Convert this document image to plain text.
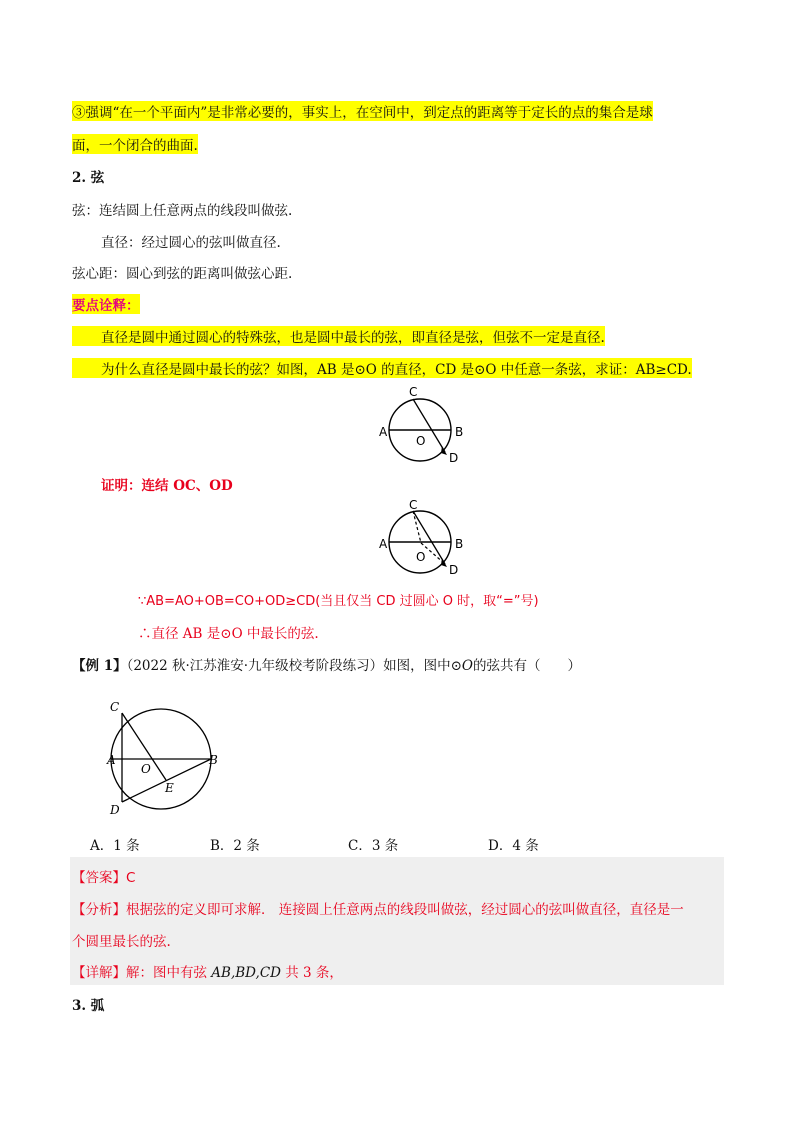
③强调“在一个平面内”是非常必要的，事实上，在空间中，到定点的距离等于定长的点的集合是球
面，一个闭合的曲面.
2. 弦
弦：连结圆上任意两点的线段叫做弦.
直径：经过圆心的弦叫做直径.
弦心距：圆心到弦的距离叫做弦心距.
要点诠释：
直径是圆中通过圆心的特殊弦，也是圆中最长的弦，即直径是弦，但弦不一定是直径.
为什么直径是圆中最长的弦？如图，AB 是⊙O 的直径，CD 是⊙O 中任意一条弦，求证：AB≥CD.
C
A
O
B
D
证明：连结 OC、OD
C
A
O
B
D
∵AB=AO+OB=CO+OD≥CD(当且仅当 CD 过圆心 O 时，取“=”号)
∴直径 AB 是⊙O 中最长的弦.
【例 1】（2022 秋·江苏淮安·九年级校考阶段练习）如图，图中⊙O的弦共有（　　）
C
A
O
E
B
D
A．1 条	B．2 条	C．3 条	D．4 条
【答案】C
【分析】根据弦的定义即可求解． 连接圆上任意两点的线段叫做弦，经过圆心的弦叫做直径，直径是一
个圆里最长的弦.
【详解】解：图中有弦 AB,BD,CD 共 3 条，
3. 弧
